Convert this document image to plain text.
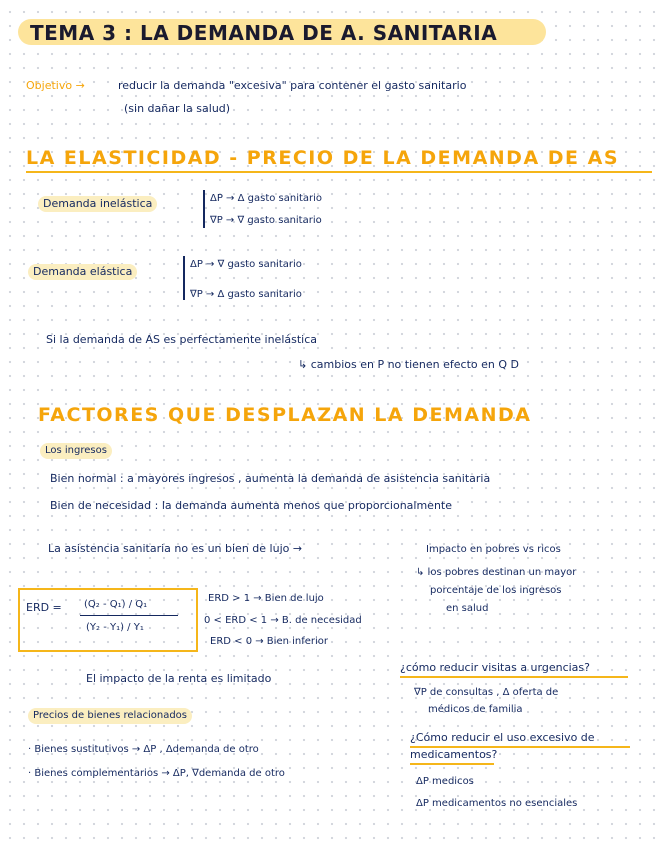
TEMA 3 : LA DEMANDA DE A. SANITARIA
Objetivo →	reducir la demanda "excesiva" para contener el gasto sanitario
(sin dañar la salud)
LA ELASTICIDAD - PRECIO DE LA DEMANDA DE AS
Demanda inelástica	ΔP → Δ gasto sanitario
∇P → ∇ gasto sanitario
Demanda elástica
ΔP → ∇ gasto sanitario
∇P → Δ gasto sanitario
Si la demanda de AS es perfectamente inelástica
↳ cambios en P no tienen efecto en Q D
FACTORES QUE DESPLAZAN LA DEMANDA
Los ingresos
Bien normal : a mayores ingresos , aumenta la demanda de asistencia sanitaria
Bien de necesidad : la demanda aumenta menos que proporcionalmente
La asistencia sanitaria no es un bien de lujo →	Impacto en pobres vs ricos
↳ los pobres destinan un mayor
porcentaje de los ingresos
en salud
ERD = (Q₂ - Q₁) / Q₁
(Y₂ - Y₁) / Y₁
ERD > 1 → Bien de lujo
0 < ERD < 1 → B. de necesidad
ERD < 0 → Bien inferior
El impacto de la renta es limitado
Precios de bienes relacionados
· Bienes sustitutivos → ΔP , Δdemanda de otro
· Bienes complementarios → ΔP, ∇demanda de otro
¿cómo reducir visitas a urgencias?
∇P de consultas , Δ oferta de
médicos de familia
¿Cómo reducir el uso excesivo de
medicamentos?
ΔP medicos
ΔP medicamentos no esenciales
